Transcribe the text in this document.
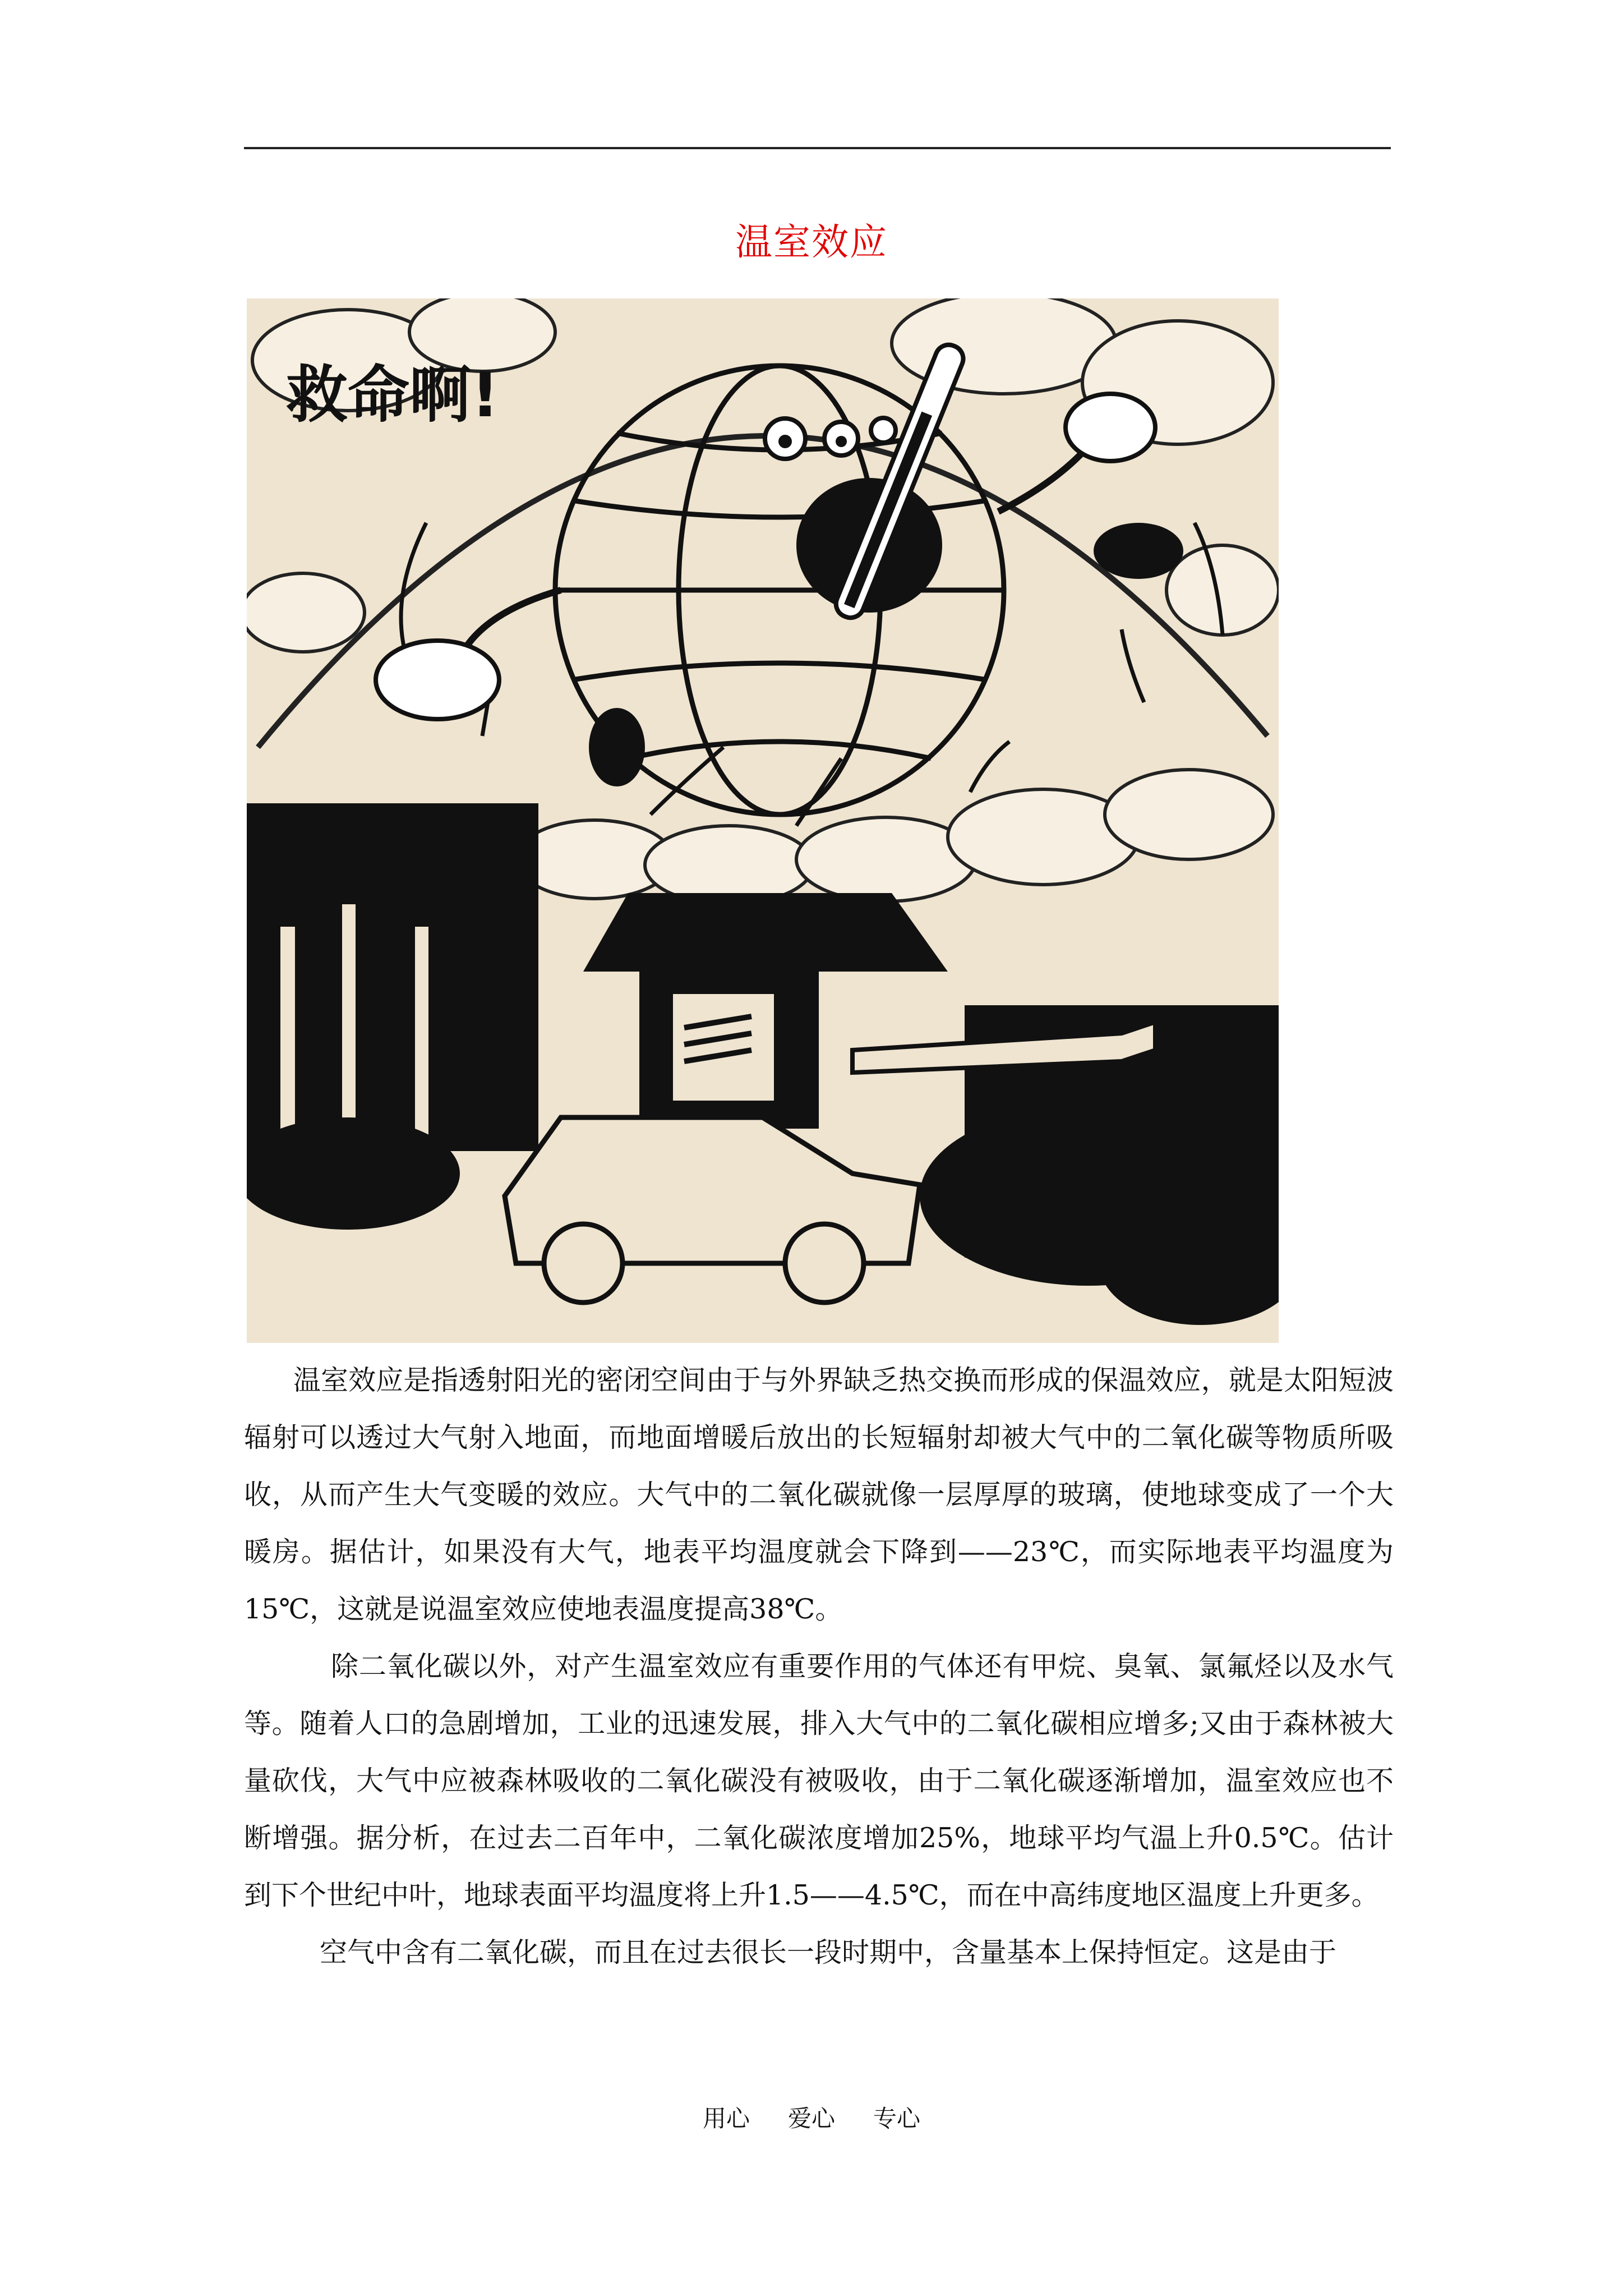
温室效应
救命啊!

温室效应是指透射阳光的密闭空间由于与外界缺乏热交换而形成的保温效应，就是太阳短波辐射可以透过大气射入地面，而地面增暖后放出的长短辐射却被大气中的二氧化碳等物质所吸收，从而产生大气变暖的效应。大气中的二氧化碳就像一层厚厚的玻璃，使地球变成了一个大暖房。据估计，如果没有大气，地表平均温度就会下降到——23℃，而实际地表平均温度为15℃，这就是说温室效应使地表温度提高38℃。

除二氧化碳以外，对产生温室效应有重要作用的气体还有甲烷、臭氧、氯氟烃以及水气等。随着人口的急剧增加，工业的迅速发展，排入大气中的二氧化碳相应增多;又由于森林被大量砍伐，大气中应被森林吸收的二氧化碳没有被吸收，由于二氧化碳逐渐增加，温室效应也不断增强。据分析，在过去二百年中，二氧化碳浓度增加25%，地球平均气温上升0.5℃。估计到下个世纪中叶，地球表面平均温度将上升1.5——4.5℃，而在中高纬度地区温度上升更多。

空气中含有二氧化碳，而且在过去很长一段时期中，含量基本上保持恒定。这是由于

用心 爱心 专心
